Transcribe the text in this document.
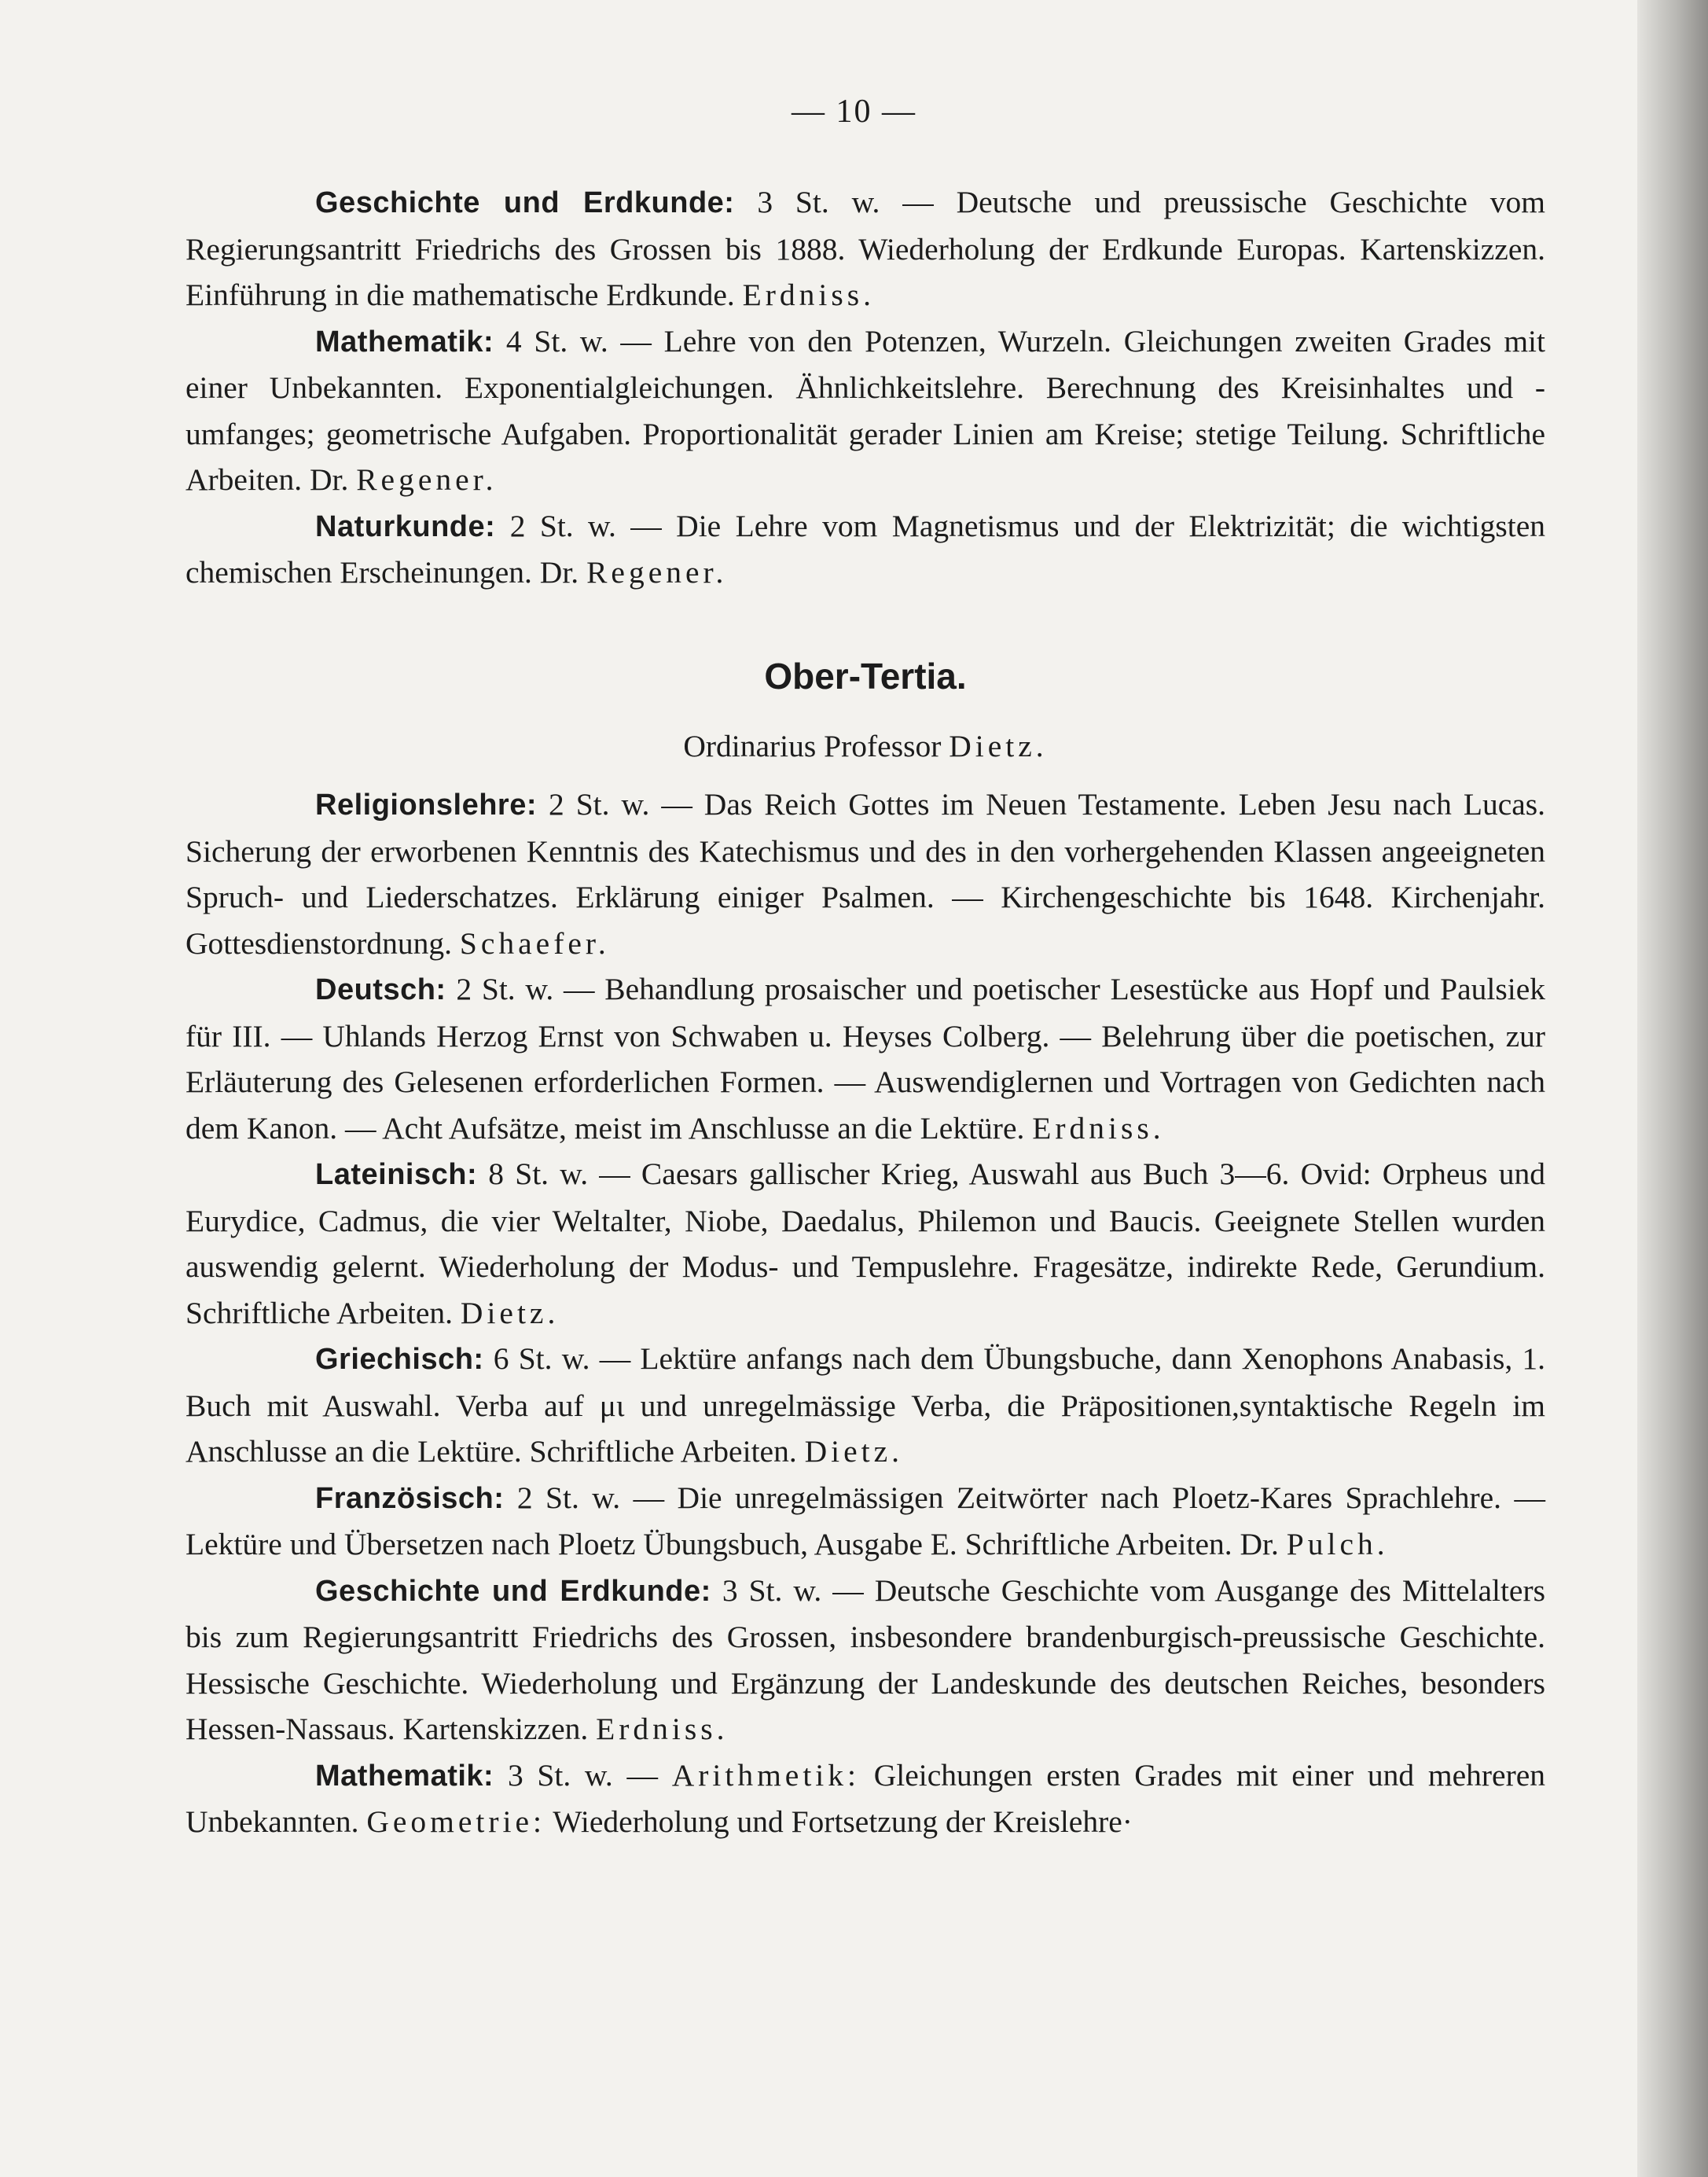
— 10 —

Geschichte und Erdkunde: 3 St. w. — Deutsche und preussische Geschichte vom Regierungsantritt Friedrichs des Grossen bis 1888. Wiederholung der Erdkunde Europas. Kartenskizzen. Einführung in die mathematische Erdkunde. Erdniss.

Mathematik: 4 St. w. — Lehre von den Potenzen, Wurzeln. Gleichungen zweiten Grades mit einer Unbekannten. Exponentialgleichungen. Ähnlichkeitslehre. Berechnung des Kreisinhaltes und -umfanges; geometrische Aufgaben. Proportionalität gerader Linien am Kreise; stetige Teilung. Schriftliche Arbeiten. Dr. Regener.

Naturkunde: 2 St. w. — Die Lehre vom Magnetismus und der Elektrizität; die wichtigsten chemischen Erscheinungen. Dr. Regener.

Ober-Tertia.
Ordinarius Professor Dietz.

Religionslehre: 2 St. w. — Das Reich Gottes im Neuen Testamente. Leben Jesu nach Lucas. Sicherung der erworbenen Kenntnis des Katechismus und des in den vorhergehenden Klassen angeeigneten Spruch- und Liederschatzes. Erklärung einiger Psalmen. — Kirchengeschichte bis 1648. Kirchenjahr. Gottesdienstordnung. Schaefer.

Deutsch: 2 St. w. — Behandlung prosaischer und poetischer Lesestücke aus Hopf und Paulsiek für III. — Uhlands Herzog Ernst von Schwaben u. Heyses Colberg. — Belehrung über die poetischen, zur Erläuterung des Gelesenen erforderlichen Formen. — Auswendiglernen und Vortragen von Gedichten nach dem Kanon. — Acht Aufsätze, meist im Anschlusse an die Lektüre. Erdniss.

Lateinisch: 8 St. w. — Caesars gallischer Krieg, Auswahl aus Buch 3—6. Ovid: Orpheus und Eurydice, Cadmus, die vier Weltalter, Niobe, Daedalus, Philemon und Baucis. Geeignete Stellen wurden auswendig gelernt. Wiederholung der Modus- und Tempuslehre. Fragesätze, indirekte Rede, Gerundium. Schriftliche Arbeiten. Dietz.

Griechisch: 6 St. w. — Lektüre anfangs nach dem Übungsbuche, dann Xenophons Anabasis, 1. Buch mit Auswahl. Verba auf μι und unregelmässige Verba, die Präpositionen,syntaktische Regeln im Anschlusse an die Lektüre. Schriftliche Arbeiten. Dietz.

Französisch: 2 St. w. — Die unregelmässigen Zeitwörter nach Ploetz-Kares Sprachlehre. — Lektüre und Übersetzen nach Ploetz Übungsbuch, Ausgabe E. Schriftliche Arbeiten. Dr. Pulch.

Geschichte und Erdkunde: 3 St. w. — Deutsche Geschichte vom Ausgange des Mittelalters bis zum Regierungsantritt Friedrichs des Grossen, insbesondere brandenburgisch-preussische Geschichte. Hessische Geschichte. Wiederholung und Ergänzung der Landeskunde des deutschen Reiches, besonders Hessen-Nassaus. Kartenskizzen. Erdniss.

Mathematik: 3 St. w. — Arithmetik: Gleichungen ersten Grades mit einer und mehreren Unbekannten. Geometrie: Wiederholung und Fortsetzung der Kreislehre·
